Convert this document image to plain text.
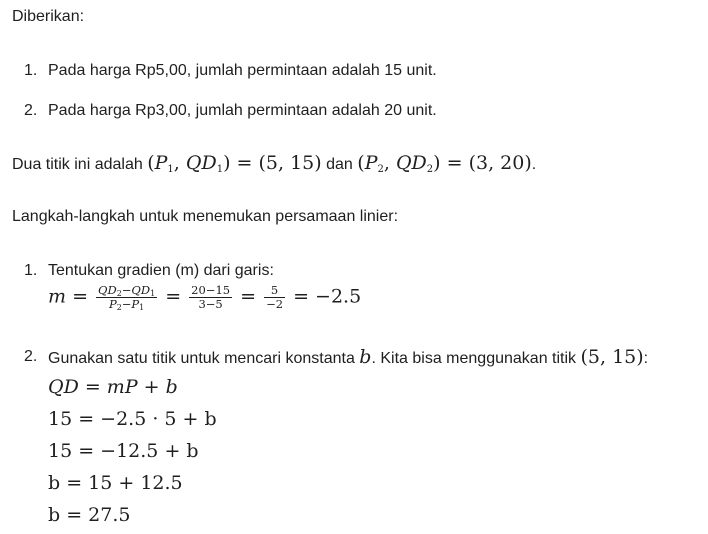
Diberikan:
1. Pada harga Rp5,00, jumlah permintaan adalah 15 unit.
2. Pada harga Rp3,00, jumlah permintaan adalah 20 unit.
Dua titik ini adalah ($P_1$, $QD_1) = (5$, 15) dan ($P_2$, $QD_2) = (3$, 20).
Langkah-langkah untuk menemukan persamaan linier:
1. Tentukan gradien (m) dari garis:
$m = \frac{QD_2-QD_1}{P_2-P_1} = \frac{20-15}{3-5} = \frac{5}{-2} = -2.5$
2. Gunakan satu titik untuk mencari konstanta b. Kita bisa menggunakan titik (5, 15):
QD = mP + b
15 = −2.5 · 5 + b
15 = −12.5 + b
b = 15 + 12.5
b = 27.5
